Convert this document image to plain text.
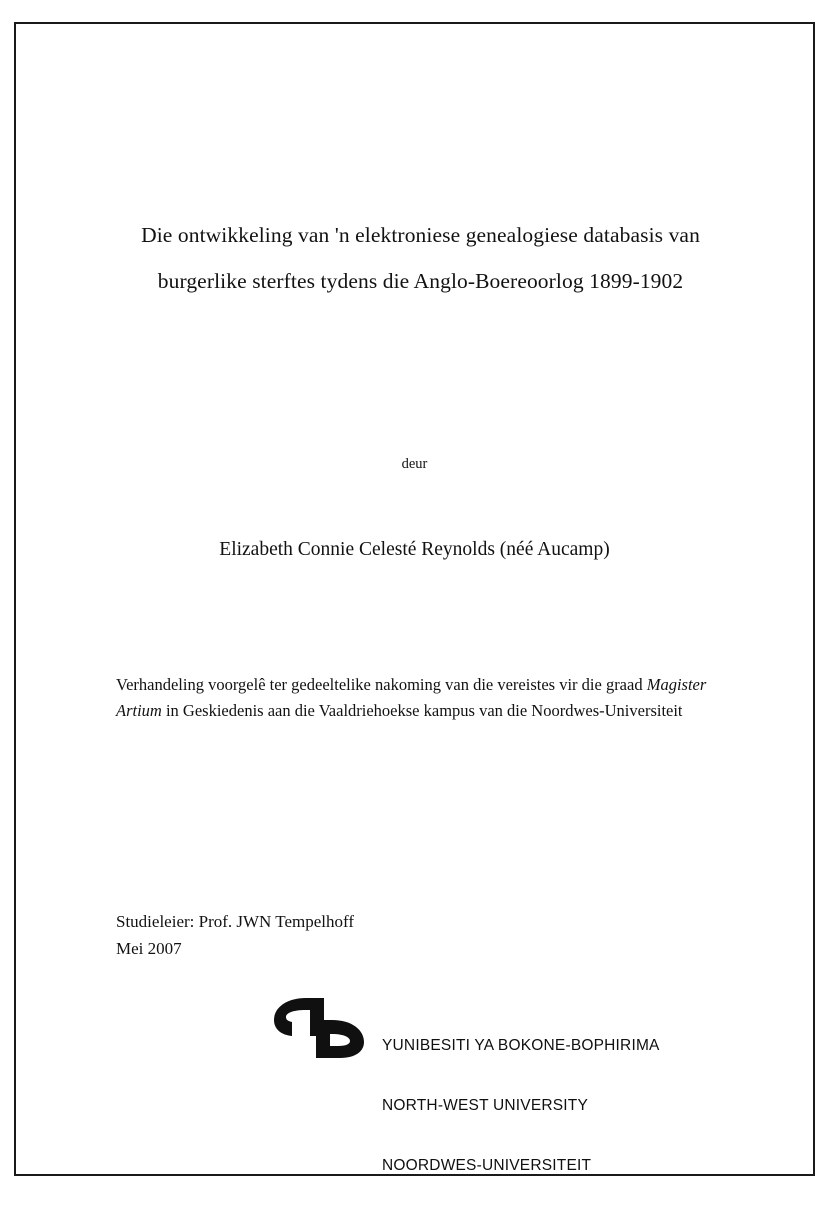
Die ontwikkeling van 'n elektroniese genealogiese databasis van
burgerlike sterftes tydens die Anglo-Boereoorlog 1899-1902
deur
Elizabeth Connie Celesté Reynolds (néé Aucamp)
Verhandeling voorgelê ter gedeeltelike nakoming van die vereistes vir die graad Magister Artium in Geskiedenis aan die Vaaldriehoekse kampus van die Noordwes-Universiteit
Studieleier: Prof. JWN Tempelhoff
Mei 2007

YUNIBESITI YA BOKONE-BOPHIRIMA

NORTH-WEST UNIVERSITY

NOORDWES-UNIVERSITEIT
